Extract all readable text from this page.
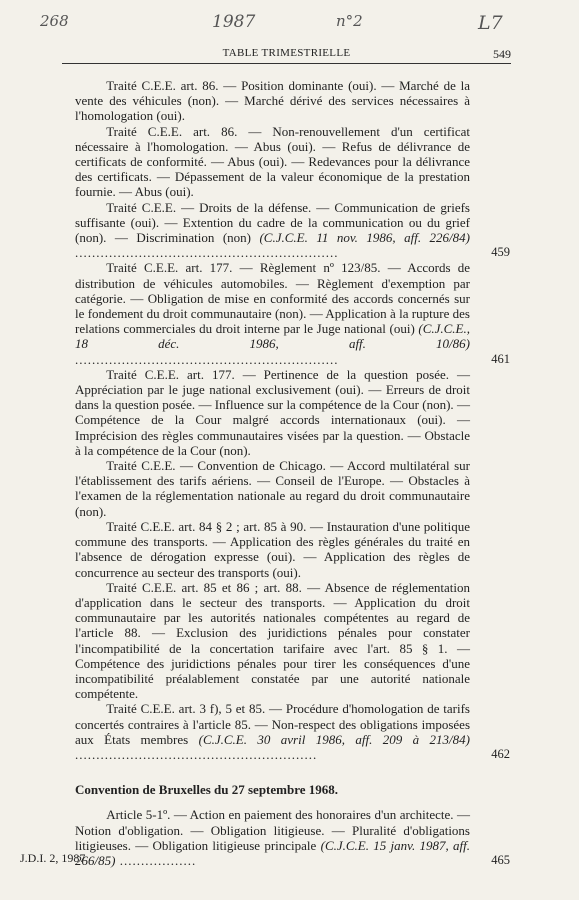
268	1987	n°2	L7
TABLE TRIMESTRIELLE	549

Traité C.E.E. art. 86. — Position dominante (oui). — Marché de la vente des véhicules (non). — Marché dérivé des services nécessaires à l'homologation (oui).

Traité C.E.E. art. 86. — Non-renouvellement d'un certificat nécessaire à l'homologation. — Abus (oui). — Refus de délivrance de certificats de conformité. — Abus (oui). — Redevances pour la délivrance des certificats. — Dépassement de la valeur économique de la prestation fournie. — Abus (oui).

Traité C.E.E. — Droits de la défense. — Communication de griefs suffisante (oui). — Extention du cadre de la communication ou du grief (non). — Discrimination (non) (C.J.C.E. 11 nov. 1986, aff. 226/84) ..............................................................	459

Traité C.E.E. art. 177. — Règlement nº 123/85. — Accords de distribution de véhicules automobiles. — Règlement d'exemption par catégorie. — Obligation de mise en conformité des accords concernés sur le fondement du droit communautaire (non). — Application à la rupture des relations commerciales du droit interne par le Juge national (oui) (C.J.C.E., 18 déc. 1986, aff. 10/86) ..............................................................	461

Traité C.E.E. art. 177. — Pertinence de la question posée. — Appréciation par le juge national exclusivement (oui). — Erreurs de droit dans la question posée. — Influence sur la compétence de la Cour (non). — Compétence de la Cour malgré accords internationaux (oui). — Imprécision des règles communautaires visées par la question. — Obstacle à la compétence de la Cour (non).

Traité C.E.E. — Convention de Chicago. — Accord multilatéral sur l'établissement des tarifs aériens. — Conseil de l'Europe. — Obstacles à l'examen de la réglementation nationale au regard du droit communautaire (non).

Traité C.E.E. art. 84 § 2 ; art. 85 à 90. — Instauration d'une politique commune des transports. — Application des règles générales du traité en l'absence de dérogation expresse (oui). — Application des règles de concurrence au secteur des transports (oui).

Traité C.E.E. art. 85 et 86 ; art. 88. — Absence de réglementation d'application dans le secteur des transports. — Application du droit communautaire par les autorités nationales compétentes au regard de l'article 88. — Exclusion des juridictions pénales pour constater l'incompatibilité de la concertation tarifaire avec l'art. 85 § 1. — Compétence des juridictions pénales pour tirer les conséquences d'une incompatibilité préalablement constatée par une autorité nationale compétente.

Traité C.E.E. art. 3 f), 5 et 85. — Procédure d'homologation de tarifs concertés contraires à l'article 85. — Non-respect des obligations imposées aux États membres (C.J.C.E. 30 avril 1986, aff. 209 à 213/84) .........................................................	462

Convention de Bruxelles du 27 septembre 1968.

Article 5-1º. — Action en paiement des honoraires d'un architecte. — Notion d'obligation. — Obligation litigieuse. — Pluralité d'obligations litigieuses. — Obligation litigieuse principale (C.J.C.E. 15 janv. 1987, aff. 266/85) ..................	465

J.D.I. 2, 1987
